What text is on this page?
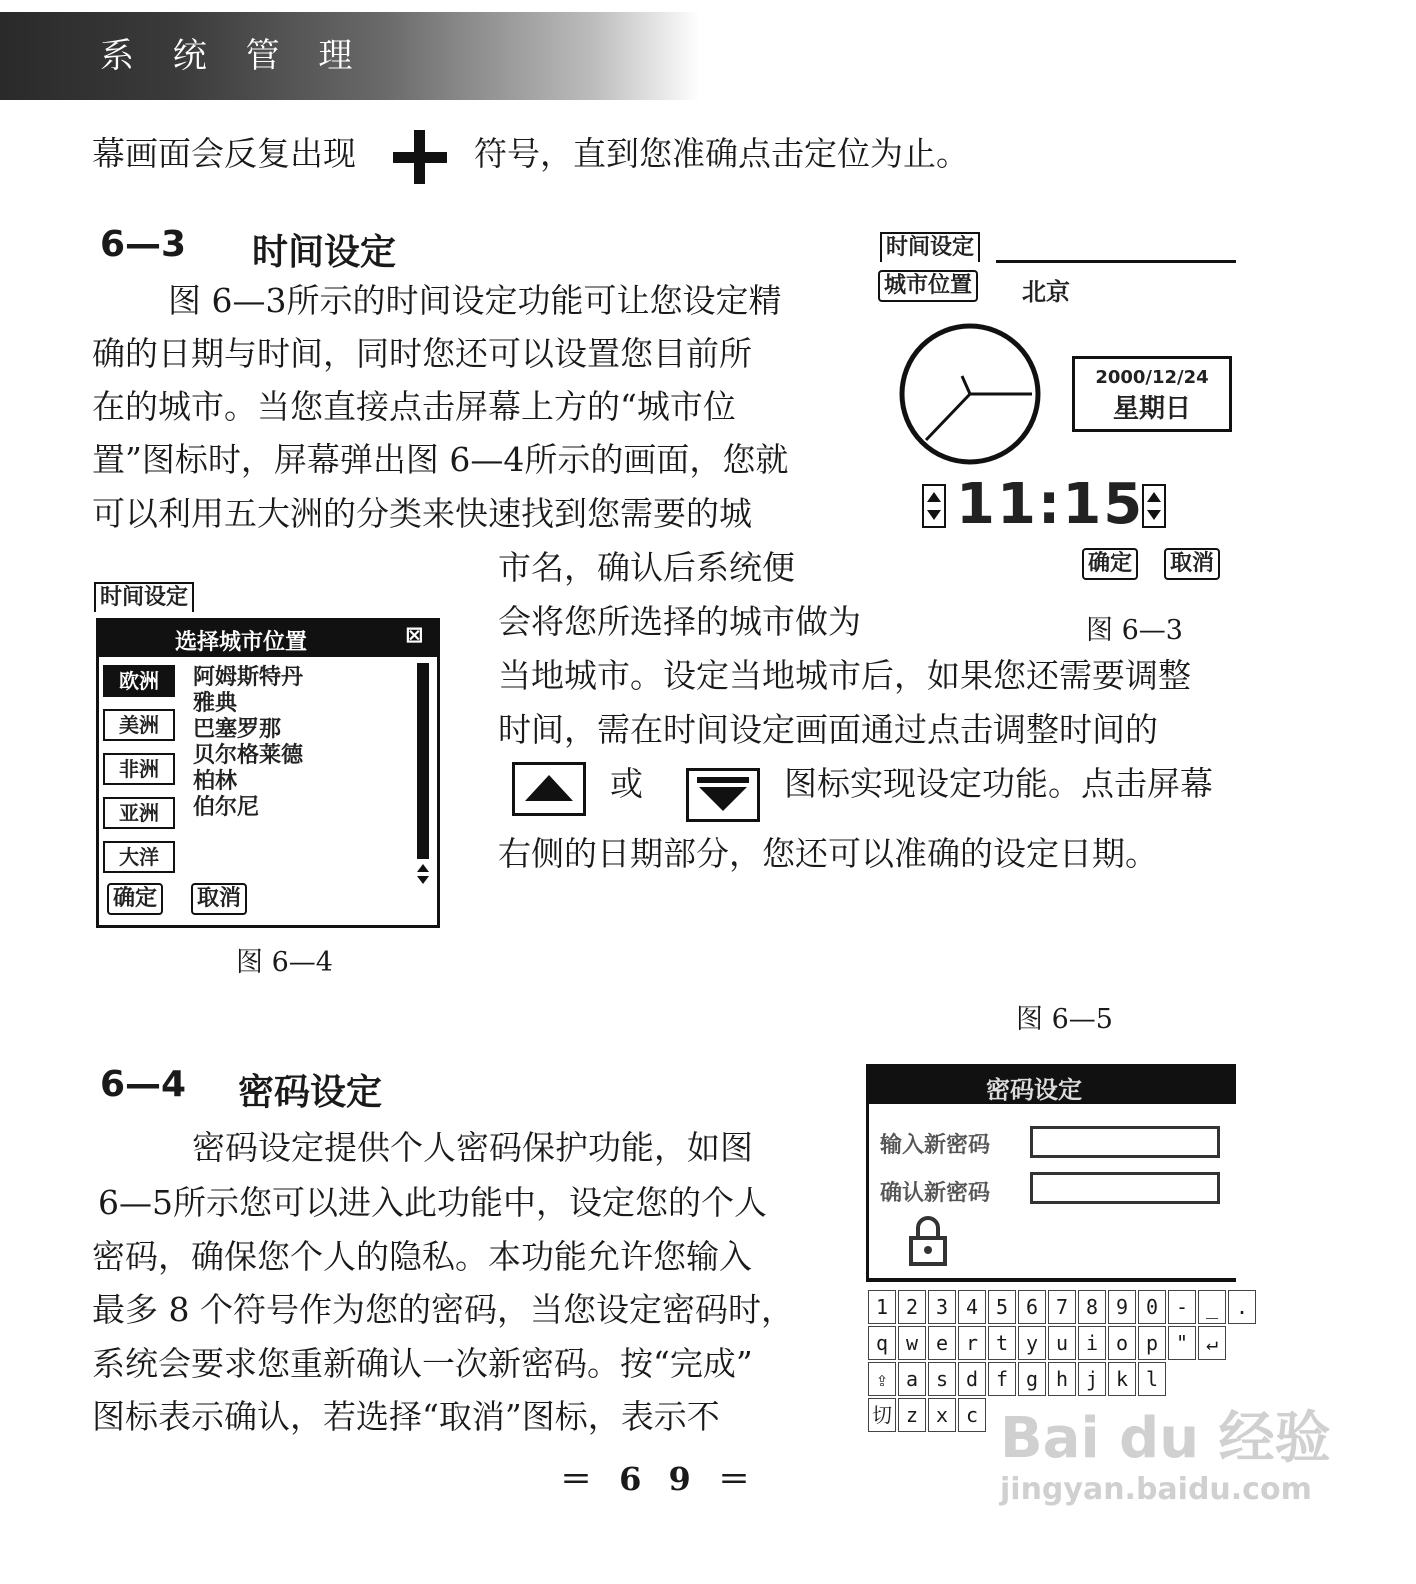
系 统 管 理
幕画面会反复出现	符号，直到您准确点击定位为止。
6—3 时间设定
图 6—3所示的时间设定功能可让您设定精
确的日期与时间，同时您还可以设置您目前所
在的城市。当您直接点击屏幕上方的“城市位
置”图标时，屏幕弹出图 6—4所示的画面，您就
可以利用五大洲的分类来快速找到您需要的城
市名，确认后系统便
会将您所选择的城市做为
当地城市。设定当地城市后，如果您还需要调整
时间，需在时间设定画面通过点击调整时间的
或	图标实现设定功能。点击屏幕
右侧的日期部分，您还可以准确的设定日期。
时间设定
城市位置 北京
2000/12/24
星期日
11:15
确定 取消
图 6—3
时间设定
选择城市位置	⊠
欧洲
美洲
非洲
亚洲
大洋
阿姆斯特丹
雅典
巴塞罗那
贝尔格莱德
柏林
伯尔尼
确定 取消
图 6—4
图 6—5
6—4 密码设定
密码设定提供个人密码保护功能，如图
6—5所示您可以进入此功能中，设定您的个人
密码，确保您个人的隐私。本功能允许您输入
最多 8 个符号作为您的密码，当您设定密码时，
系统会要求您重新确认一次新密码。按“完成”
图标表示确认，若选择“取消”图标，表示不
密码设定
输入新密码
确认新密码
1 2 3 4 5 6 7 8 9 0 - _ .
q w e r t y u i o p " ↵
⇪ a s d f g h j k l
切 z x c
＝ 6 9 ＝
Bai du 经验
jingyan.baidu.com
